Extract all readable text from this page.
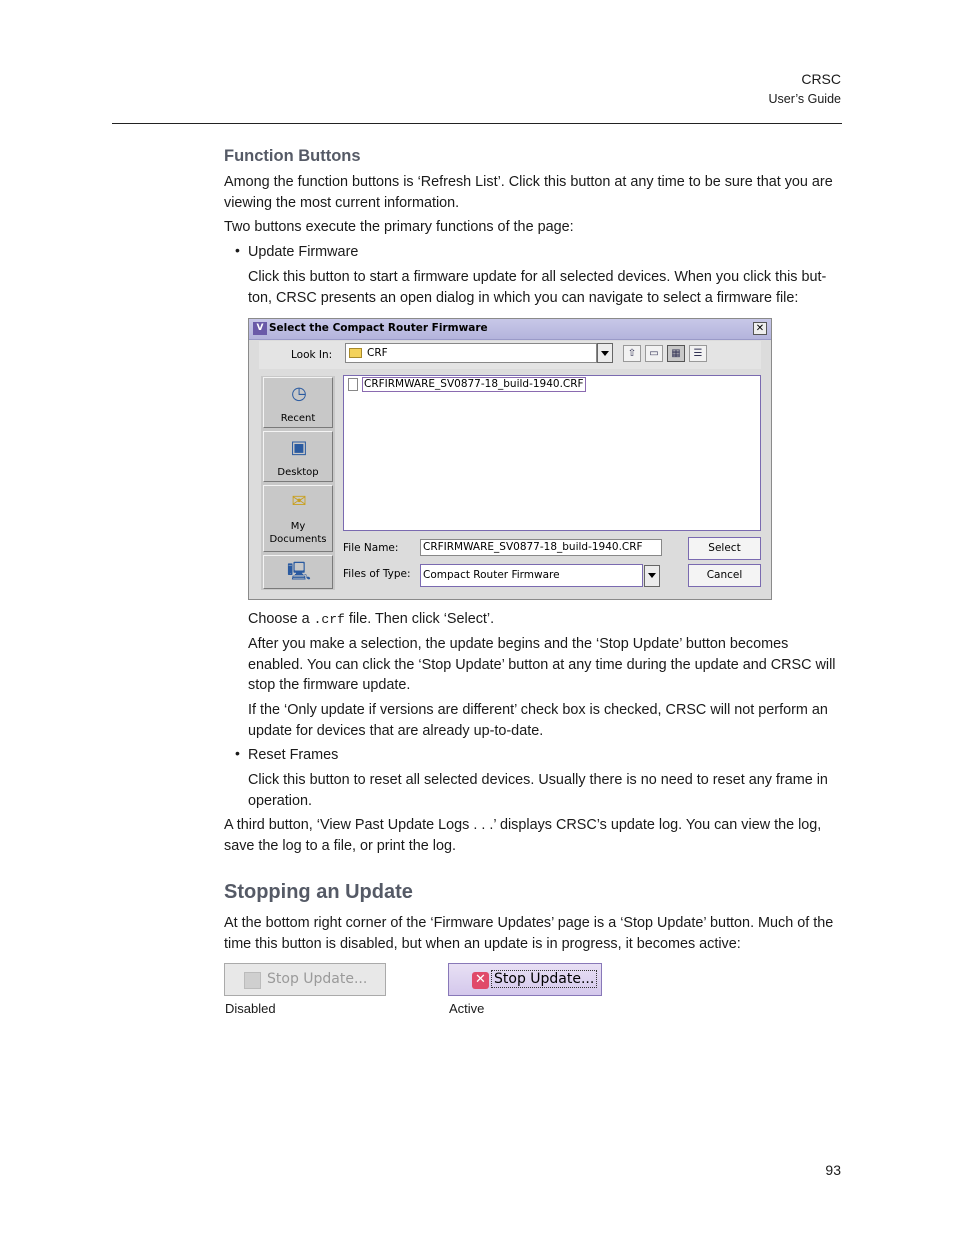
CRSC
User’s Guide
Function Buttons
Among the function buttons is ‘Refresh List’. Click this button at any time to be sure that you are viewing the most current information.
Two buttons execute the primary functions of the page:
• Update Firmware
Click this button to start a firmware update for all selected devices. When you click this but-ton, CRSC presents an open dialog in which you can navigate to select a firmware file:
V Select the Compact Router Firmware	✕
Look In:	CRF	⇧	▭	▦	☰
◷
Recent
▣
Desktop
✉
My Documents
🖳
CRFIRMWARE_SV0877-18_build-1940.CRF
File Name: CRFIRMWARE_SV0877-18_build-1940.CRF
Files of Type: Compact Router Firmware
Select
Cancel
Choose a .crf file. Then click ‘Select’.
After you make a selection, the update begins and the ‘Stop Update’ button becomes enabled. You can click the ‘Stop Update’ button at any time during the update and CRSC will stop the firmware update.
If the ‘Only update if versions are different’ check box is checked, CRSC will not perform an update for devices that are already up-to-date.
• Reset Frames
Click this button to reset all selected devices. Usually there is no need to reset any frame in operation.
A third button, ‘View Past Update Logs . . .’ displays CRSC’s update log. You can view the log, save the log to a file, or print the log.
Stopping an Update
At the bottom right corner of the ‘Firmware Updates’ page is a ‘Stop Update’ button. Much of the time this button is disabled, but when an update is in progress, it becomes active:
Stop Update...	✕ Stop Update...
Disabled	Active
93
